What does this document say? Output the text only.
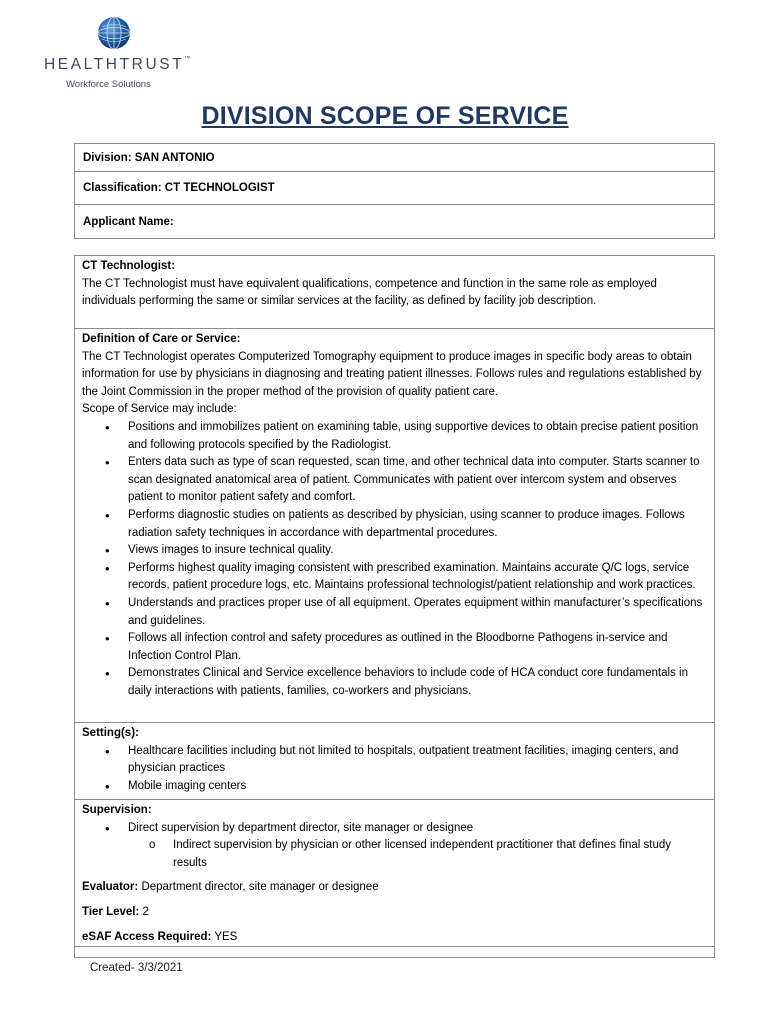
HEALTHTRUST™
Workforce Solutions
DIVISION SCOPE OF SERVICE
Division: SAN ANTONIO
Classification: CT TECHNOLOGIST
Applicant Name:

CT Technologist:

The CT Technologist must have equivalent qualifications, competence and function in the same role as employed individuals performing the same or similar services at the facility, as defined by facility job description.

Definition of Care or Service:

The CT Technologist operates Computerized Tomography equipment to produce images in specific body areas to obtain information for use by physicians in diagnosing and treating patient illnesses. Follows rules and regulations established by the Joint Commission in the proper method of the provision of quality patient care.

Scope of Service may include:

• Positions and immobilizes patient on examining table, using supportive devices to obtain precise patient position and following protocols specified by the Radiologist.
• Enters data such as type of scan requested, scan time, and other technical data into computer. Starts scanner to scan designated anatomical area of patient. Communicates with patient over intercom system and observes patient to monitor patient safety and comfort.
• Performs diagnostic studies on patients as described by physician, using scanner to produce images. Follows radiation safety techniques in accordance with departmental procedures.
• Views images to insure technical quality.
• Performs highest quality imaging consistent with prescribed examination. Maintains accurate Q/C logs, service records, patient procedure logs, etc. Maintains professional technologist/patient relationship and work practices.
• Understands and practices proper use of all equipment. Operates equipment within manufacturer’s specifications and guidelines.
• Follows all infection control and safety procedures as outlined in the Bloodborne Pathogens in-service and Infection Control Plan.
• Demonstrates Clinical and Service excellence behaviors to include code of HCA conduct core fundamentals in daily interactions with patients, families, co-workers and physicians.

Setting(s):

• Healthcare facilities including but not limited to hospitals, outpatient treatment facilities, imaging centers, and physician practices
• Mobile imaging centers

Supervision:

• Direct supervision by department director, site manager or designee
o Indirect supervision by physician or other licensed independent practitioner that defines final study results

Evaluator: Department director, site manager or designee

Tier Level: 2

eSAF Access Required: YES

Created- 3/3/2021
